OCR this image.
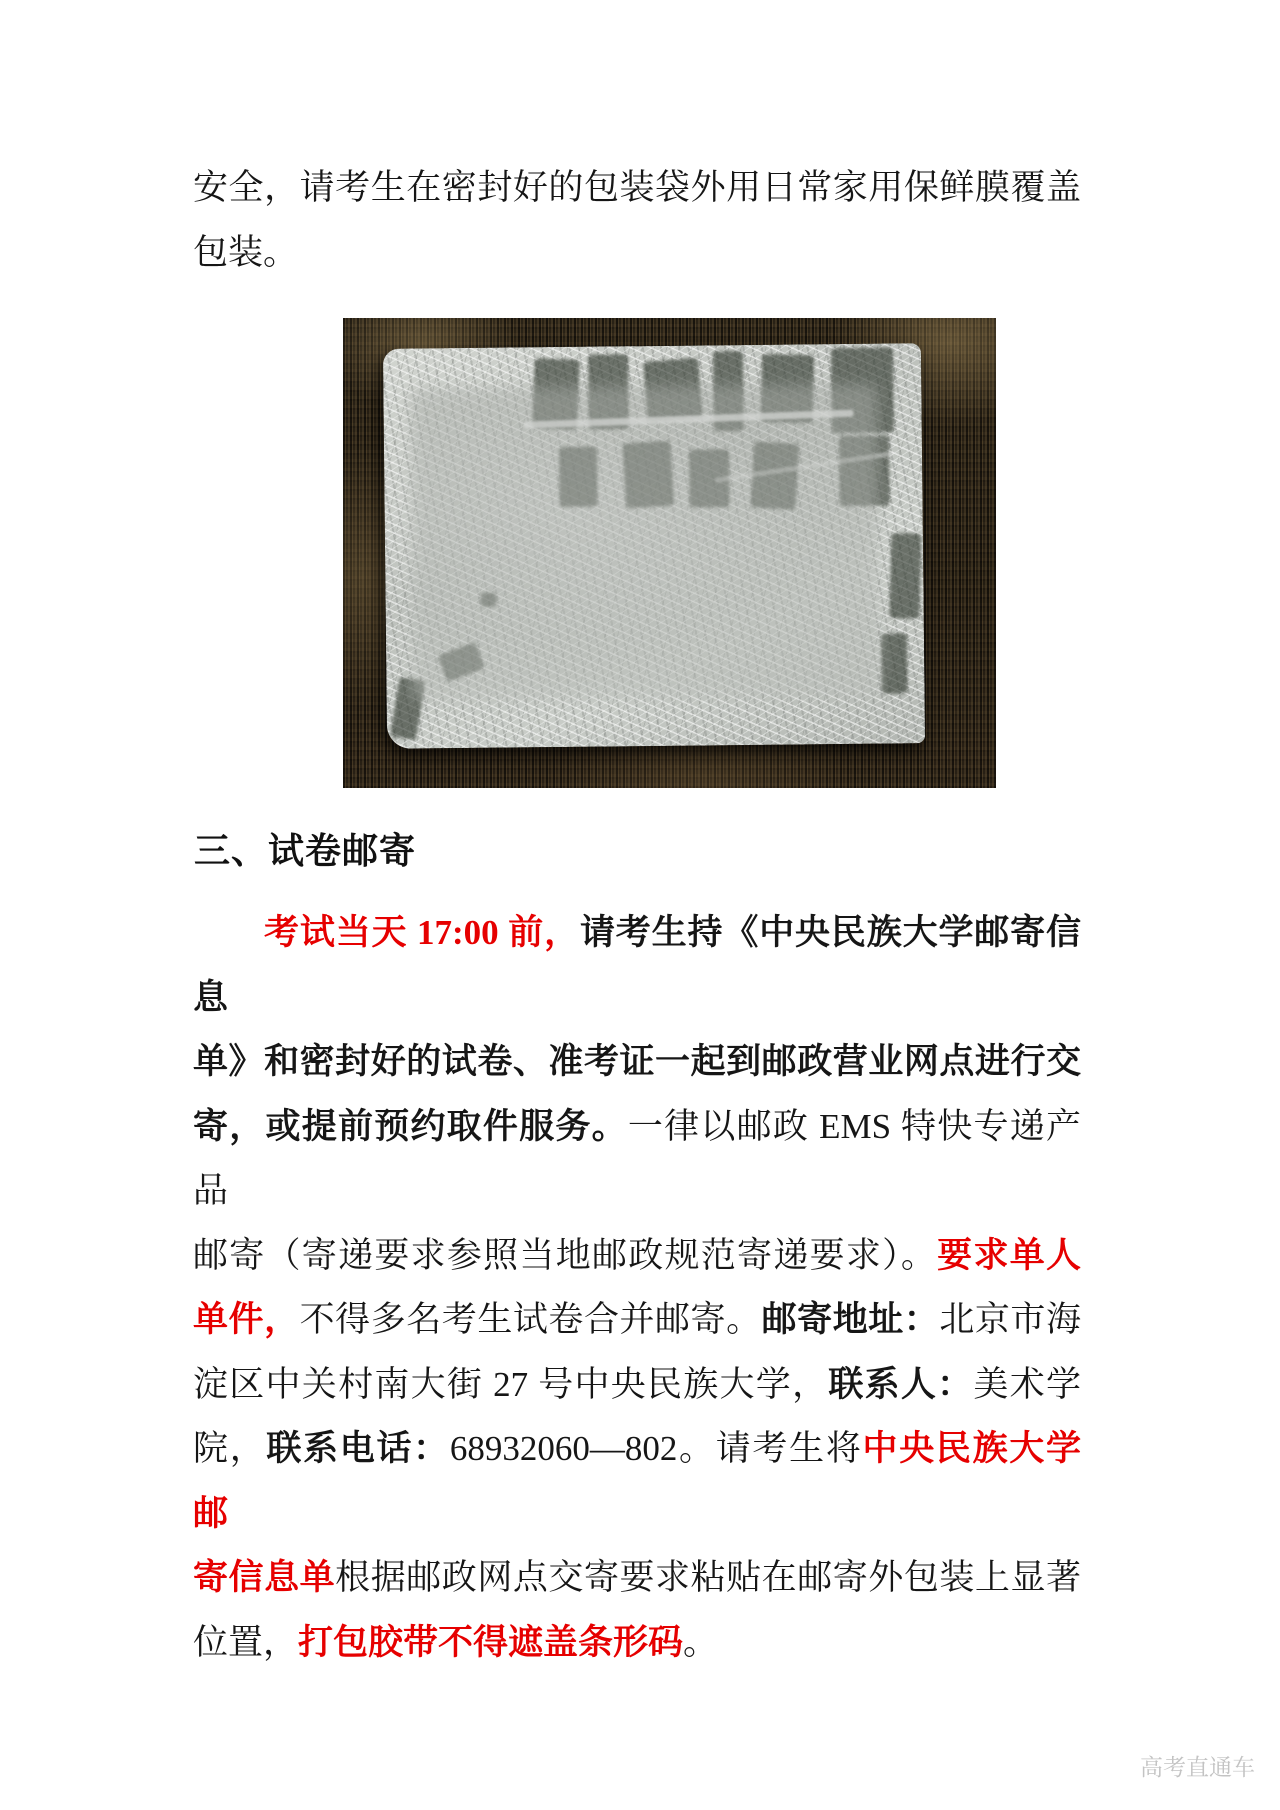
安全，请考生在密封好的包装袋外用日常家用保鲜膜覆盖
包装。
三、试卷邮寄
考试当天 17:00 前，请考生持《中央民族大学邮寄信息
单》和密封好的试卷、准考证一起到邮政营业网点进行交
寄，或提前预约取件服务。一律以邮政 EMS 特快专递产品
邮寄（寄递要求参照当地邮政规范寄递要求）。要求单人
单件，不得多名考生试卷合并邮寄。邮寄地址：北京市海
淀区中关村南大街 27 号中央民族大学，联系人：美术学
院，联系电话：68932060—802。请考生将中央民族大学邮
寄信息单根据邮政网点交寄要求粘贴在邮寄外包装上显著
位置，打包胶带不得遮盖条形码。
高考直通车
